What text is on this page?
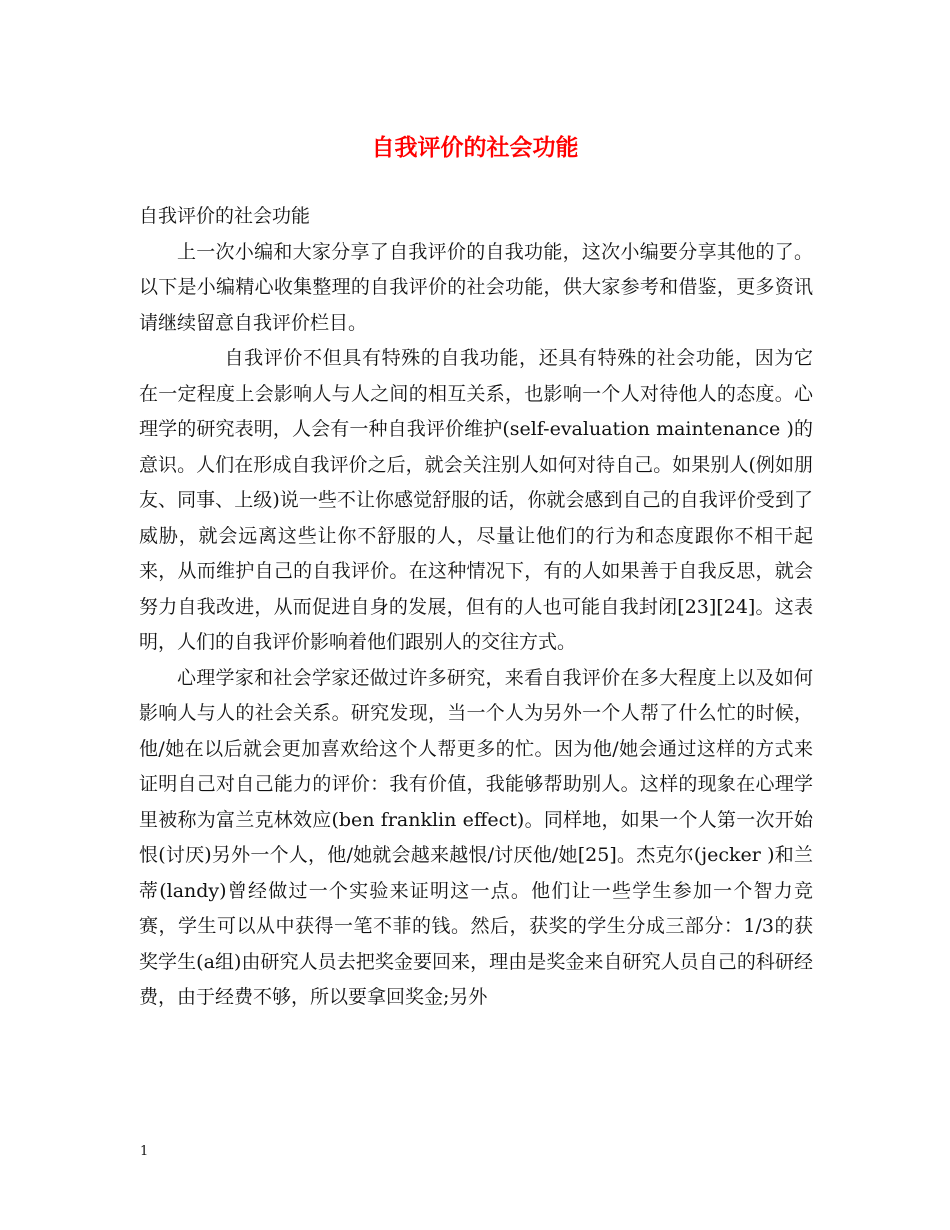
自我评价的社会功能

自我评价的社会功能

上一次小编和大家分享了自我评价的自我功能，这次小编要分享其他的了。以下是小编精心收集整理的自我评价的社会功能，供大家参考和借鉴，更多资讯请继续留意自我评价栏目。

自我评价不但具有特殊的自我功能，还具有特殊的社会功能，因为它在一定程度上会影响人与人之间的相互关系，也影响一个人对待他人的态度。心理学的研究表明，人会有一种自我评价维护(self-evaluation maintenance )的意识。人们在形成自我评价之后，就会关注别人如何对待自己。如果别人(例如朋友、同事、上级)说一些不让你感觉舒服的话，你就会感到自己的自我评价受到了威胁，就会远离这些让你不舒服的人，尽量让他们的行为和态度跟你不相干起来，从而维护自己的自我评价。在这种情况下，有的人如果善于自我反思，就会努力自我改进，从而促进自身的发展，但有的人也可能自我封闭[23][24]。这表明，人们的自我评价影响着他们跟别人的交往方式。

心理学家和社会学家还做过许多研究，来看自我评价在多大程度上以及如何影响人与人的社会关系。研究发现，当一个人为另外一个人帮了什么忙的时候，他/她在以后就会更加喜欢给这个人帮更多的忙。因为他/她会通过这样的方式来证明自己对自己能力的评价：我有价值，我能够帮助别人。这样的现象在心理学里被称为富兰克林效应(ben franklin effect)。同样地，如果一个人第一次开始恨(讨厌)另外一个人，他/她就会越来越恨/讨厌他/她[25]。杰克尔(jecker )和兰蒂(landy)曾经做过一个实验来证明这一点。他们让一些学生参加一个智力竞赛，学生可以从中获得一笔不菲的钱。然后，获奖的学生分成三部分：1/3的获奖学生(a组)由研究人员去把奖金要回来，理由是奖金来自研究人员自己的科研经费，由于经费不够，所以要拿回奖金;另外

1
